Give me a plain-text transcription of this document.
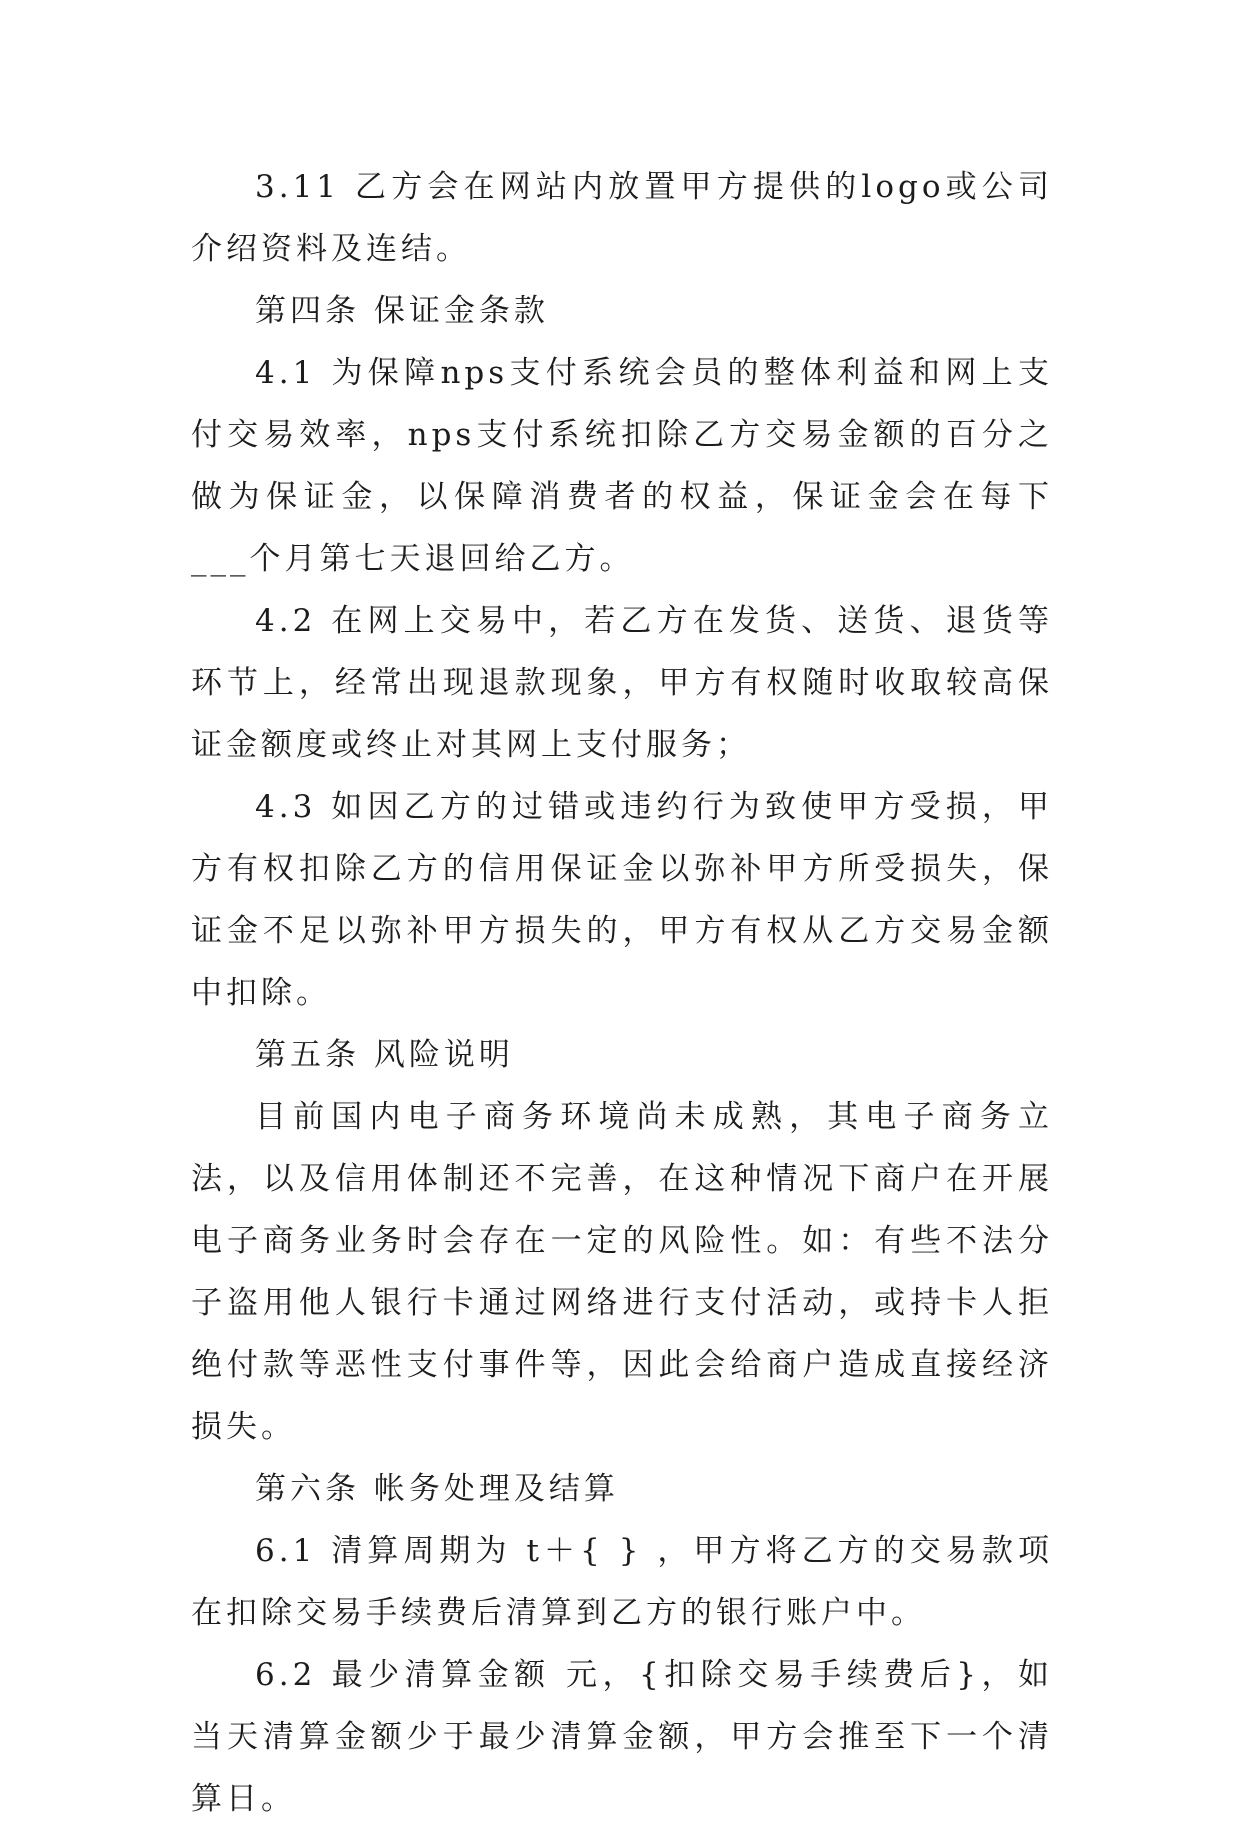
3.11 乙方会在网站内放置甲方提供的logo或公司介绍资料及连结。

第四条 保证金条款

4.1 为保障nps支付系统会员的整体利益和网上支付交易效率，nps支付系统扣除乙方交易金额的百分之 做为保证金，以保障消费者的权益，保证金会在每下___个月第七天退回给乙方。

4.2 在网上交易中，若乙方在发货、送货、退货等环节上，经常出现退款现象，甲方有权随时收取较高保证金额度或终止对其网上支付服务；

4.3 如因乙方的过错或违约行为致使甲方受损，甲方有权扣除乙方的信用保证金以弥补甲方所受损失，保证金不足以弥补甲方损失的，甲方有权从乙方交易金额中扣除。

第五条 风险说明

目前国内电子商务环境尚未成熟，其电子商务立法，以及信用体制还不完善，在这种情况下商户在开展电子商务业务时会存在一定的风险性。如：有些不法分子盗用他人银行卡通过网络进行支付活动，或持卡人拒绝付款等恶性支付事件等，因此会给商户造成直接经济损失。

第六条 帐务处理及结算

6.1 清算周期为 t＋{ } ，甲方将乙方的交易款项在扣除交易手续费后清算到乙方的银行账户中。

6.2 最少清算金额 元，{扣除交易手续费后}，如当天清算金额少于最少清算金额，甲方会推至下一个清算日。
